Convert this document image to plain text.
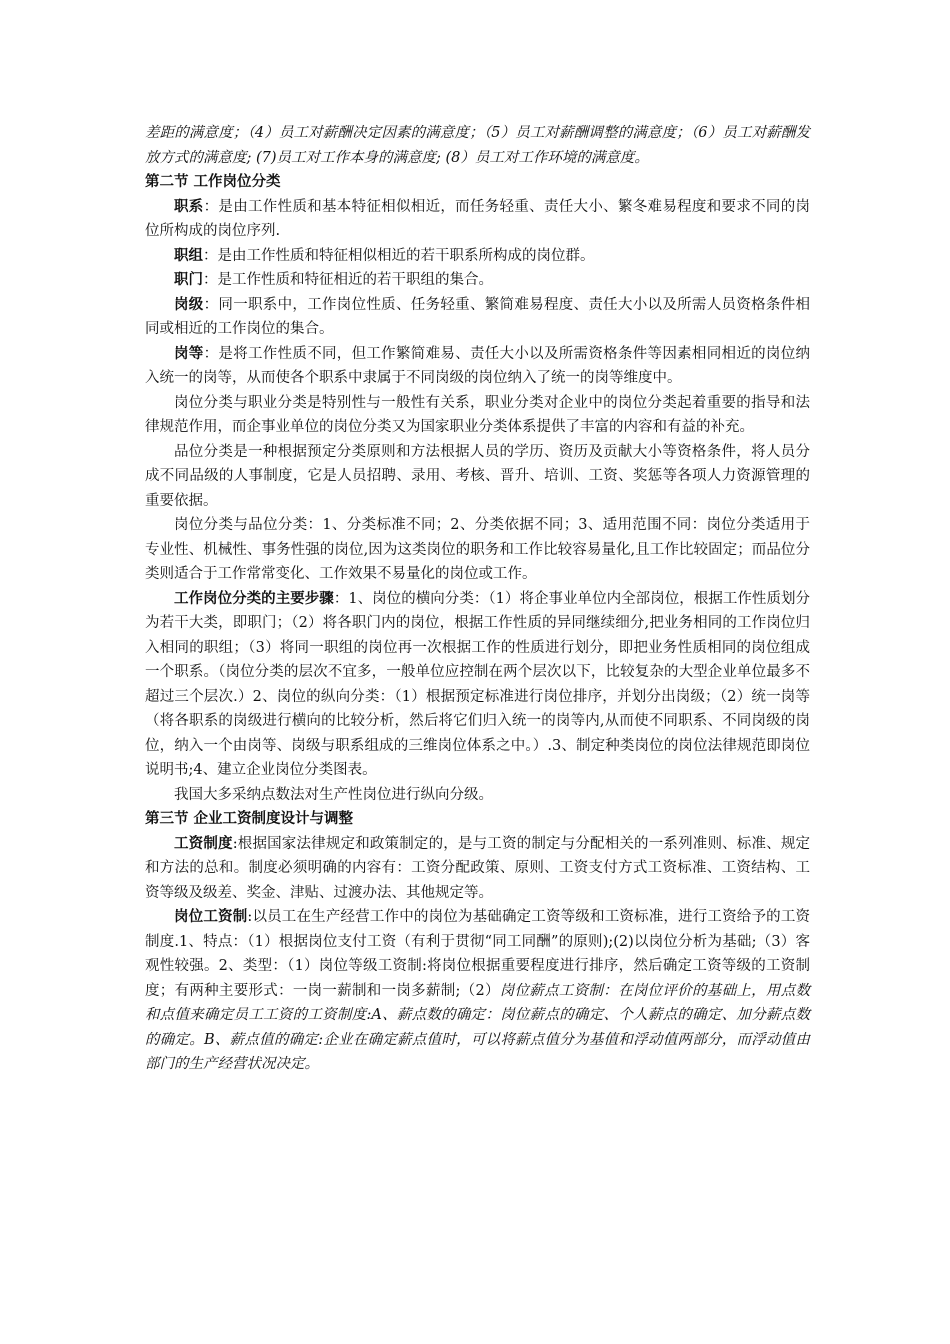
差距的满意度；（4）员工对薪酬决定因素的满意度；（5）员工对薪酬调整的满意度；（6）员工对薪酬发放方式的满意度; (7)员工对工作本身的满意度; (8）员工对工作环境的满意度。

第二节 工作岗位分类

职系：是由工作性质和基本特征相似相近，而任务轻重、责任大小、繁冬难易程度和要求不同的岗位所构成的岗位序列.

职组：是由工作性质和特征相似相近的若干职系所构成的岗位群。

职门：是工作性质和特征相近的若干职组的集合。

岗级：同一职系中，工作岗位性质、任务轻重、繁简难易程度、责任大小以及所需人员资格条件相同或相近的工作岗位的集合。

岗等：是将工作性质不同，但工作繁简难易、责任大小以及所需资格条件等因素相同相近的岗位纳入统一的岗等，从而使各个职系中隶属于不同岗级的岗位纳入了统一的岗等维度中。

岗位分类与职业分类是特别性与一般性有关系，职业分类对企业中的岗位分类起着重要的指导和法律规范作用，而企事业单位的岗位分类又为国家职业分类体系提供了丰富的内容和有益的补充。

品位分类是一种根据预定分类原则和方法根据人员的学历、资历及贡献大小等资格条件，将人员分成不同品级的人事制度，它是人员招聘、录用、考核、晋升、培训、工资、奖惩等各项人力资源管理的重要依据。

岗位分类与品位分类：1、分类标准不同；2、分类依据不同；3、适用范围不同：岗位分类适用于专业性、机械性、事务性强的岗位,因为这类岗位的职务和工作比较容易量化,且工作比较固定；而品位分类则适合于工作常常变化、工作效果不易量化的岗位或工作。

工作岗位分类的主要步骤：1、岗位的横向分类：（1）将企事业单位内全部岗位，根据工作性质划分为若干大类，即职门；（2）将各职门内的岗位，根据工作性质的异同继续细分,把业务相同的工作岗位归入相同的职组；（3）将同一职组的岗位再一次根据工作的性质进行划分，即把业务性质相同的岗位组成一个职系。（岗位分类的层次不宜多，一般单位应控制在两个层次以下，比较复杂的大型企业单位最多不超过三个层次.）2、岗位的纵向分类：（1）根据预定标准进行岗位排序，并划分出岗级；（2）统一岗等（将各职系的岗级进行横向的比较分析，然后将它们归入统一的岗等内,从而使不同职系、不同岗级的岗位，纳入一个由岗等、岗级与职系组成的三维岗位体系之中。）.3、制定种类岗位的岗位法律规范即岗位说明书;4、建立企业岗位分类图表。

我国大多采纳点数法对生产性岗位进行纵向分级。

第三节 企业工资制度设计与调整

工资制度:根据国家法律规定和政策制定的，是与工资的制定与分配相关的一系列准则、标准、规定和方法的总和。制度必须明确的内容有：工资分配政策、原则、工资支付方式工资标准、工资结构、工资等级及级差、奖金、津贴、过渡办法、其他规定等。

岗位工资制:以员工在生产经营工作中的岗位为基础确定工资等级和工资标准，进行工资给予的工资制度.1、特点：（1）根据岗位支付工资（有利于贯彻“同工同酬”的原则);(2)以岗位分析为基础;（3）客观性较强。2、类型：（1）岗位等级工资制:将岗位根据重要程度进行排序，然后确定工资等级的工资制度；有两种主要形式：一岗一薪制和一岗多薪制;（2）岗位薪点工资制：在岗位评价的基础上，用点数和点值来确定员工工资的工资制度:A、薪点数的确定：岗位薪点的确定、个人薪点的确定、加分薪点数的确定。B、薪点值的确定:企业在确定薪点值时，可以将薪点值分为基值和浮动值两部分，而浮动值由部门的生产经营状况决定。
